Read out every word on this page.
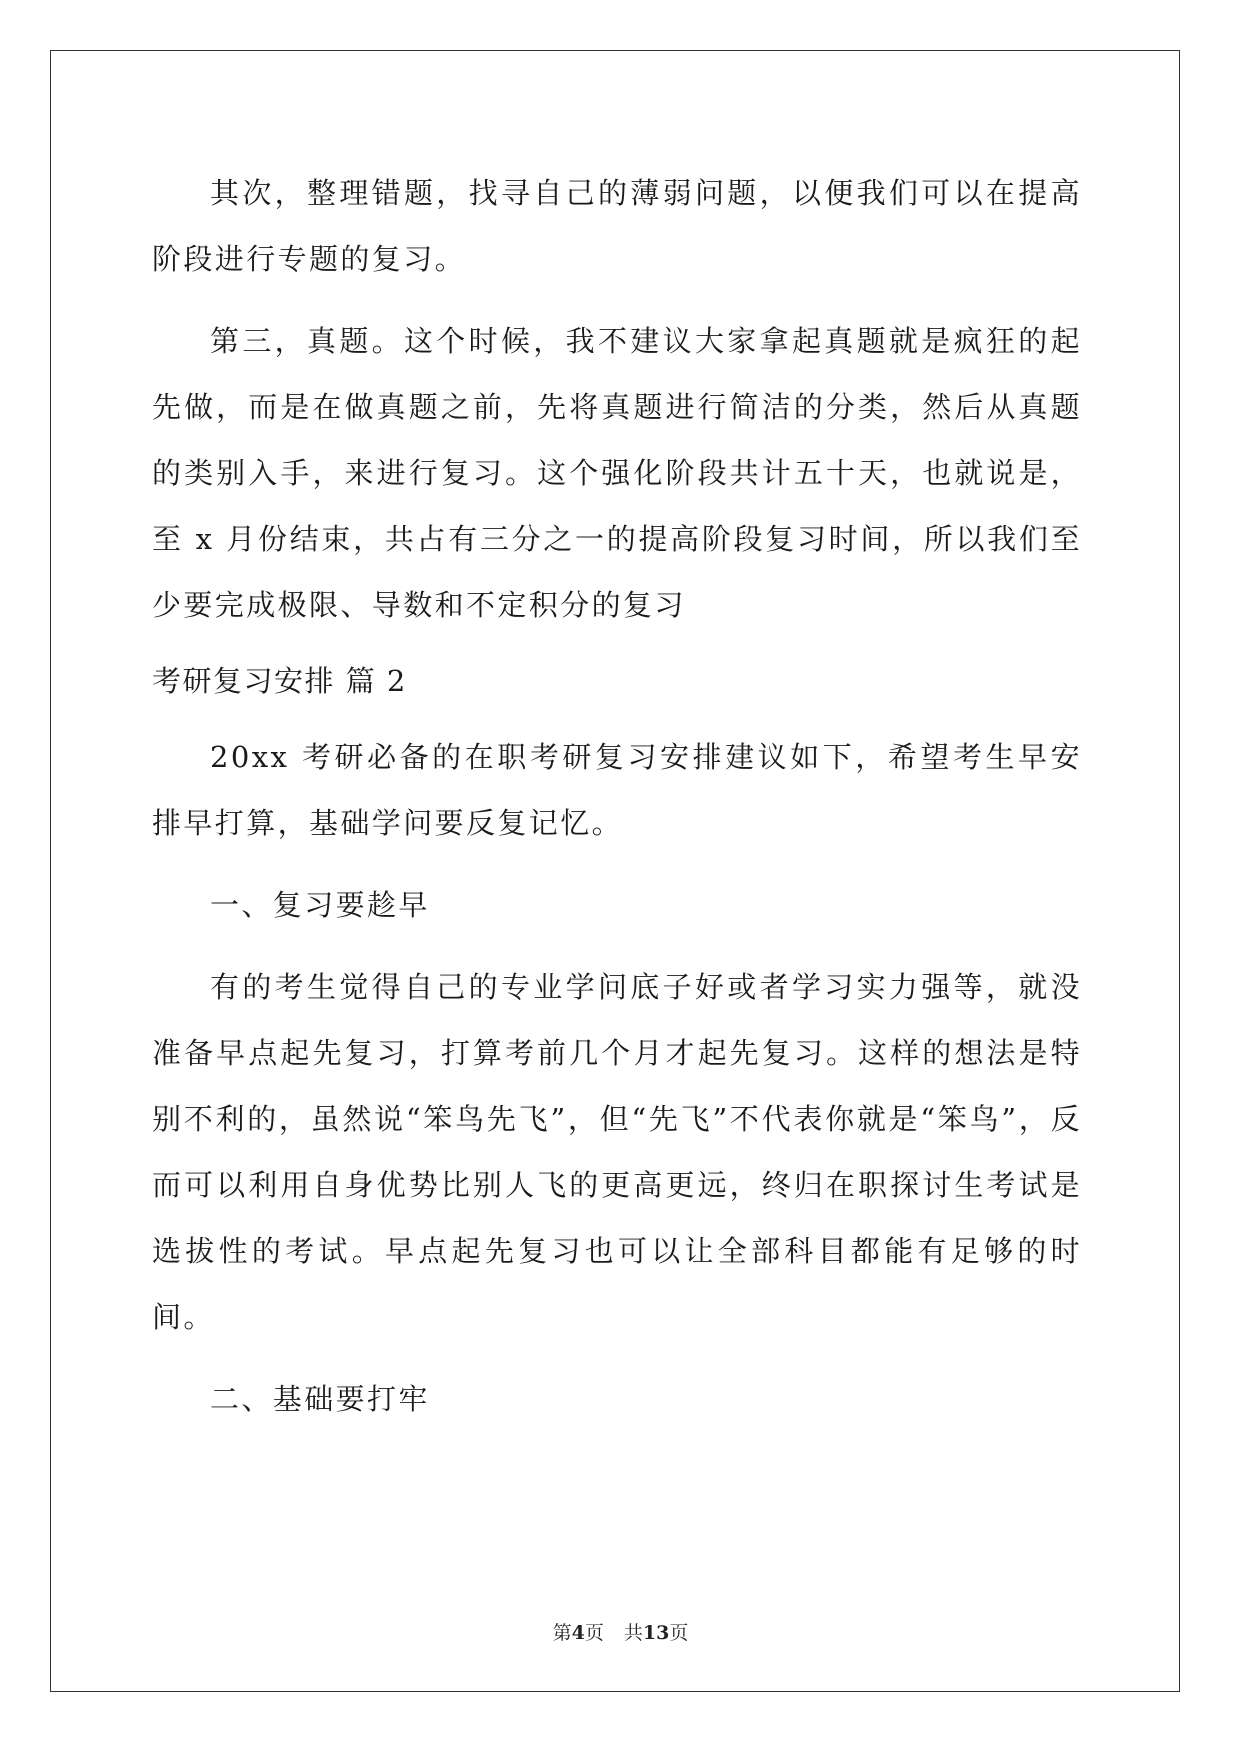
其次，整理错题，找寻自己的薄弱问题，以便我们可以在提高阶段进行专题的复习。

第三，真题。这个时候，我不建议大家拿起真题就是疯狂的起先做，而是在做真题之前，先将真题进行简洁的分类，然后从真题的类别入手，来进行复习。这个强化阶段共计五十天，也就说是，至 x 月份结束，共占有三分之一的提高阶段复习时间，所以我们至少要完成极限、导数和不定积分的复习

考研复习安排 篇 2

20xx 考研必备的在职考研复习安排建议如下，希望考生早安排早打算，基础学问要反复记忆。

一、复习要趁早

有的考生觉得自己的专业学问底子好或者学习实力强等，就没准备早点起先复习，打算考前几个月才起先复习。这样的想法是特别不利的，虽然说“笨鸟先飞”，但“先飞”不代表你就是“笨鸟”，反而可以利用自身优势比别人飞的更高更远，终归在职探讨生考试是选拔性的考试。早点起先复习也可以让全部科目都能有足够的时间。

二、基础要打牢

第4页 共13页
